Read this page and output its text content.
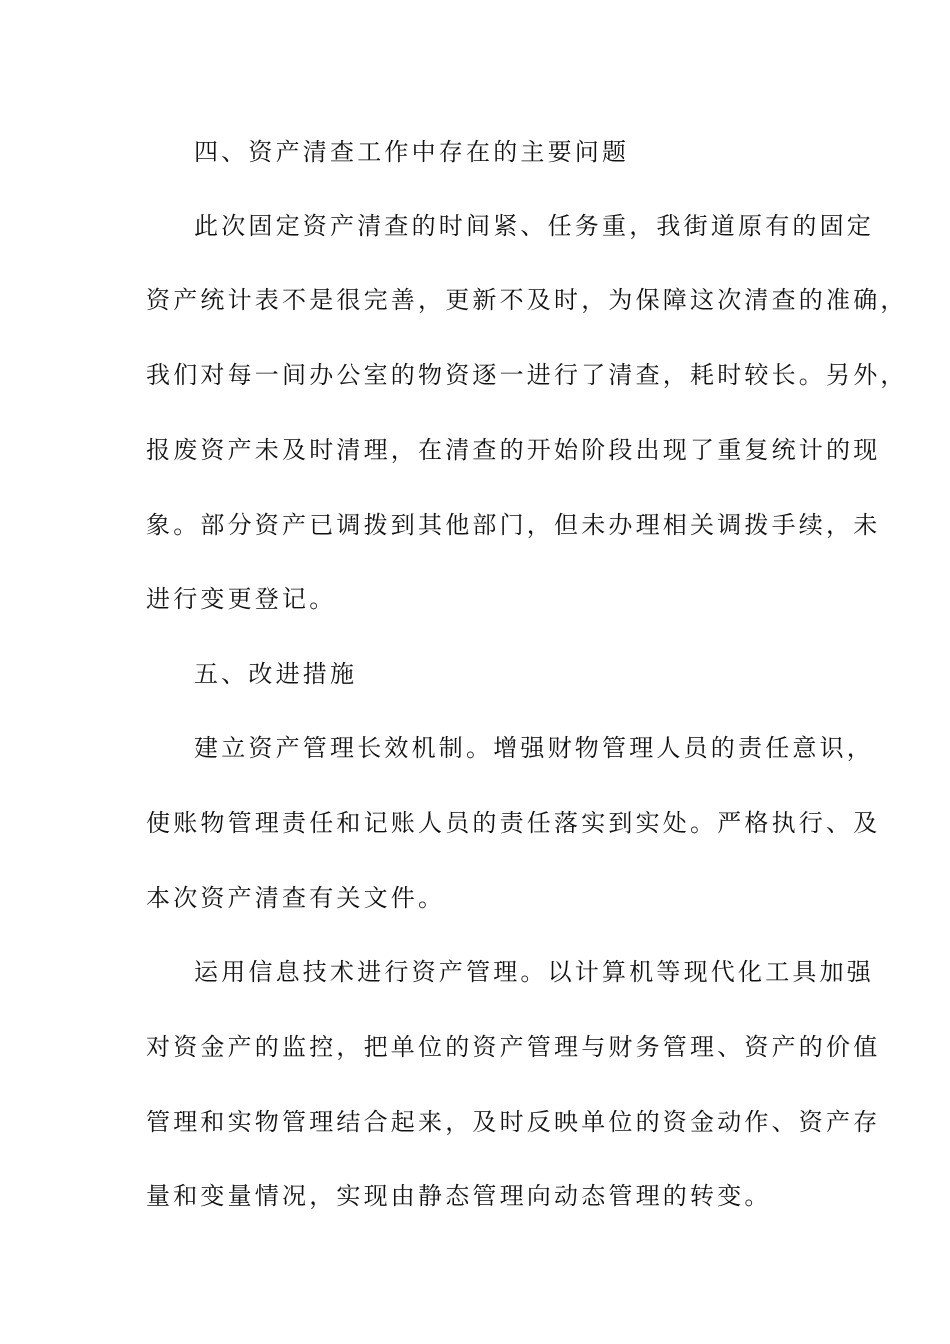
四、资产清查工作中存在的主要问题
此次固定资产清查的时间紧、任务重，我街道原有的固定
资产统计表不是很完善，更新不及时，为保障这次清查的准确，
我们对每一间办公室的物资逐一进行了清查，耗时较长。另外，
报废资产未及时清理，在清查的开始阶段出现了重复统计的现
象。部分资产已调拨到其他部门，但未办理相关调拨手续，未
进行变更登记。
五、改进措施
建立资产管理长效机制。增强财物管理人员的责任意识，
使账物管理责任和记账人员的责任落实到实处。严格执行、及
本次资产清查有关文件。
运用信息技术进行资产管理。以计算机等现代化工具加强
对资金产的监控，把单位的资产管理与财务管理、资产的价值
管理和实物管理结合起来，及时反映单位的资金动作、资产存
量和变量情况，实现由静态管理向动态管理的转变。
